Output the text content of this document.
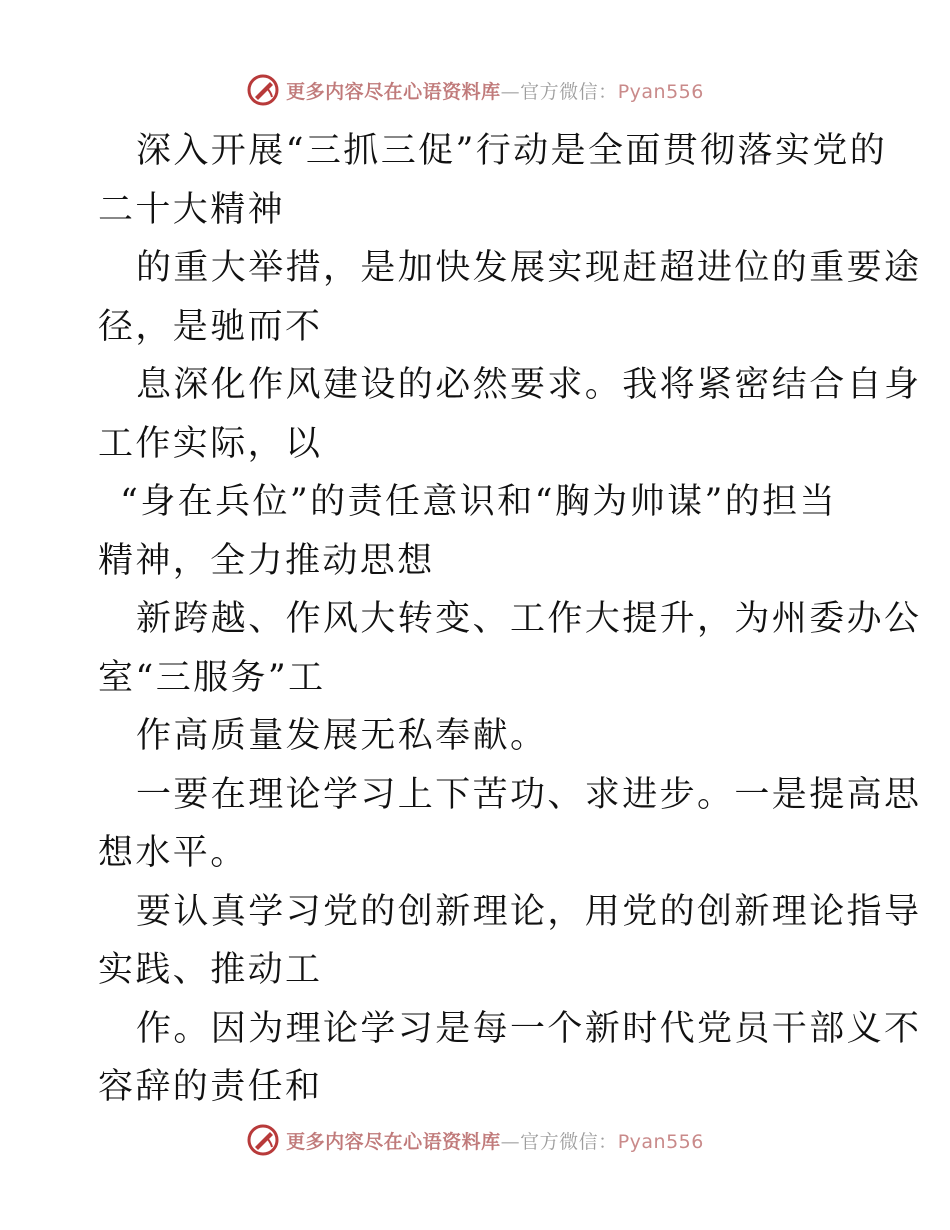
更多内容尽在心语资料库—官方微信：Pyan556
深入开展“三抓三促”行动是全面贯彻落实党的
二十大精神
的重大举措，是加快发展实现赶超进位的重要途
径，是驰而不
息深化作风建设的必然要求。我将紧密结合自身
工作实际，以
“身在兵位”的责任意识和“胸为帅谋”的担当
精神，全力推动思想
新跨越、作风大转变、工作大提升，为州委办公
室“三服务”工
作高质量发展无私奉献。
一要在理论学习上下苦功、求进步。一是提高思
想水平。
要认真学习党的创新理论，用党的创新理论指导
实践、推动工
作。因为理论学习是每一个新时代党员干部义不
容辞的责任和
更多内容尽在心语资料库—官方微信：Pyan556
